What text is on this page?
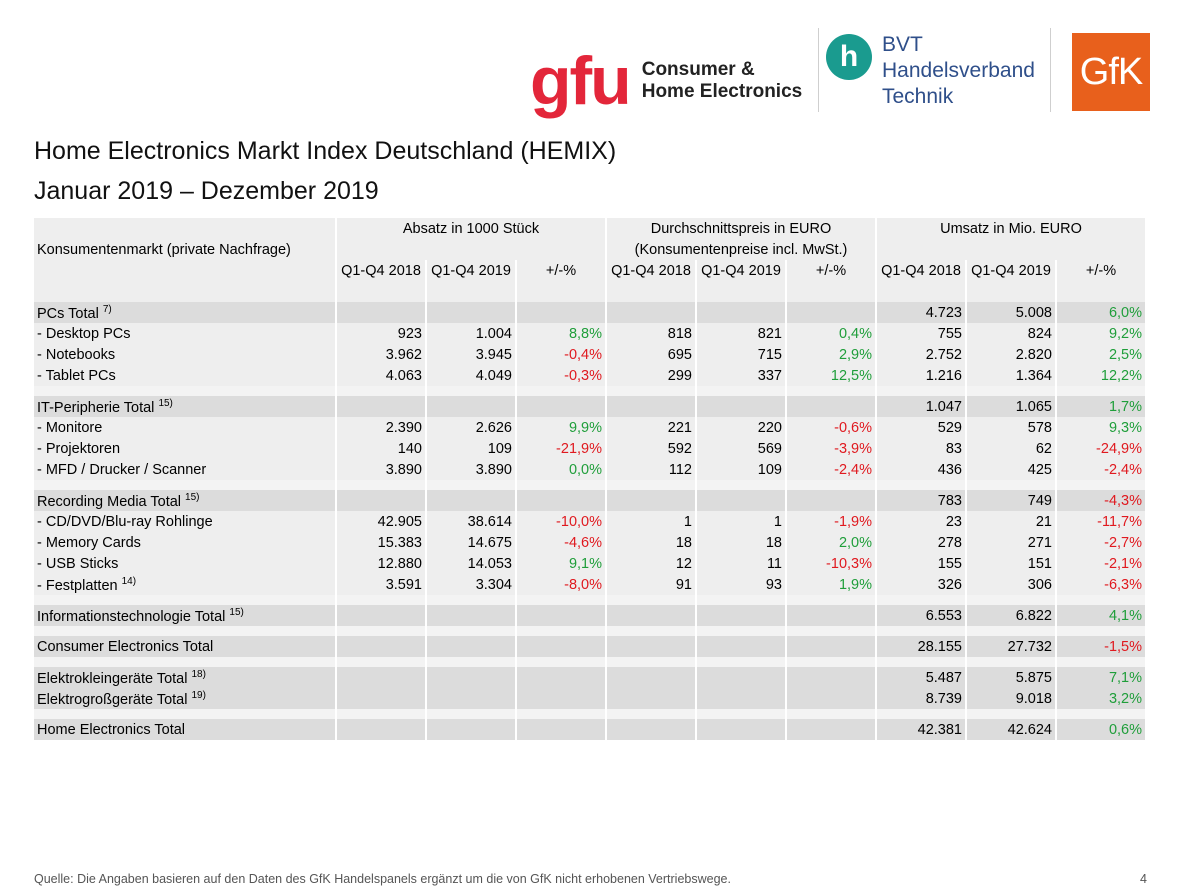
gfu Consumer &
Home Electronics
h	BVT
Handelsverband
Technik
GfK
Home Electronics Markt Index Deutschland (HEMIX)
Januar 2019 – Dezember 2019
	Absatz in 1000 Stück			Durchschnittspreis in EURO			Umsatz in Mio. EURO		
Konsumentenmarkt (private Nachfrage)				(Konsumentenpreise incl. MwSt.)					
	Q1-Q4 2018	Q1-Q4 2019	+/-%	Q1-Q4 2018	Q1-Q4 2019	+/-%	Q1-Q4 2018	Q1-Q4 2019	+/-%

PCs Total $^{7)}$							4.723	5.008	6,0%
- Desktop PCs	923	1.004	8,8%	818	821	0,4%	755	824	9,2%
- Notebooks	3.962	3.945	-0,4%	695	715	2,9%	2.752	2.820	2,5%
- Tablet PCs	4.063	4.049	-0,3%	299	337	12,5%	1.216	1.364	12,2%

IT-Peripherie Total $^{15)}$							1.047	1.065	1,7%
- Monitore	2.390	2.626	9,9%	221	220	-0,6%	529	578	9,3%
- Projektoren	140	109	-21,9%	592	569	-3,9%	83	62	-24,9%
- MFD / Drucker / Scanner	3.890	3.890	0,0%	112	109	-2,4%	436	425	-2,4%

Recording Media Total $^{15)}$							783	749	-4,3%
- CD/DVD/Blu-ray Rohlinge	42.905	38.614	-10,0%	1	1	-1,9%	23	21	-11,7%
- Memory Cards	15.383	14.675	-4,6%	18	18	2,0%	278	271	-2,7%
- USB Sticks	12.880	14.053	9,1%	12	11	-10,3%	155	151	-2,1%
- Festplatten $^{14)}$	3.591	3.304	-8,0%	91	93	1,9%	326	306	-6,3%

Informationstechnologie Total $^{15)}$							6.553	6.822	4,1%

Consumer Electronics Total							28.155	27.732	-1,5%

Elektrokleingeräte Total $^{18)}$							5.487	5.875	7,1%
Elektrogroßgeräte Total $^{19)}$							8.739	9.018	3,2%

Home Electronics Total							42.381	42.624	0,6%
Quelle: Die Angaben basieren auf den Daten des GfK Handelspanels ergänzt um die von GfK nicht erhobenen Vertriebswege.	4
